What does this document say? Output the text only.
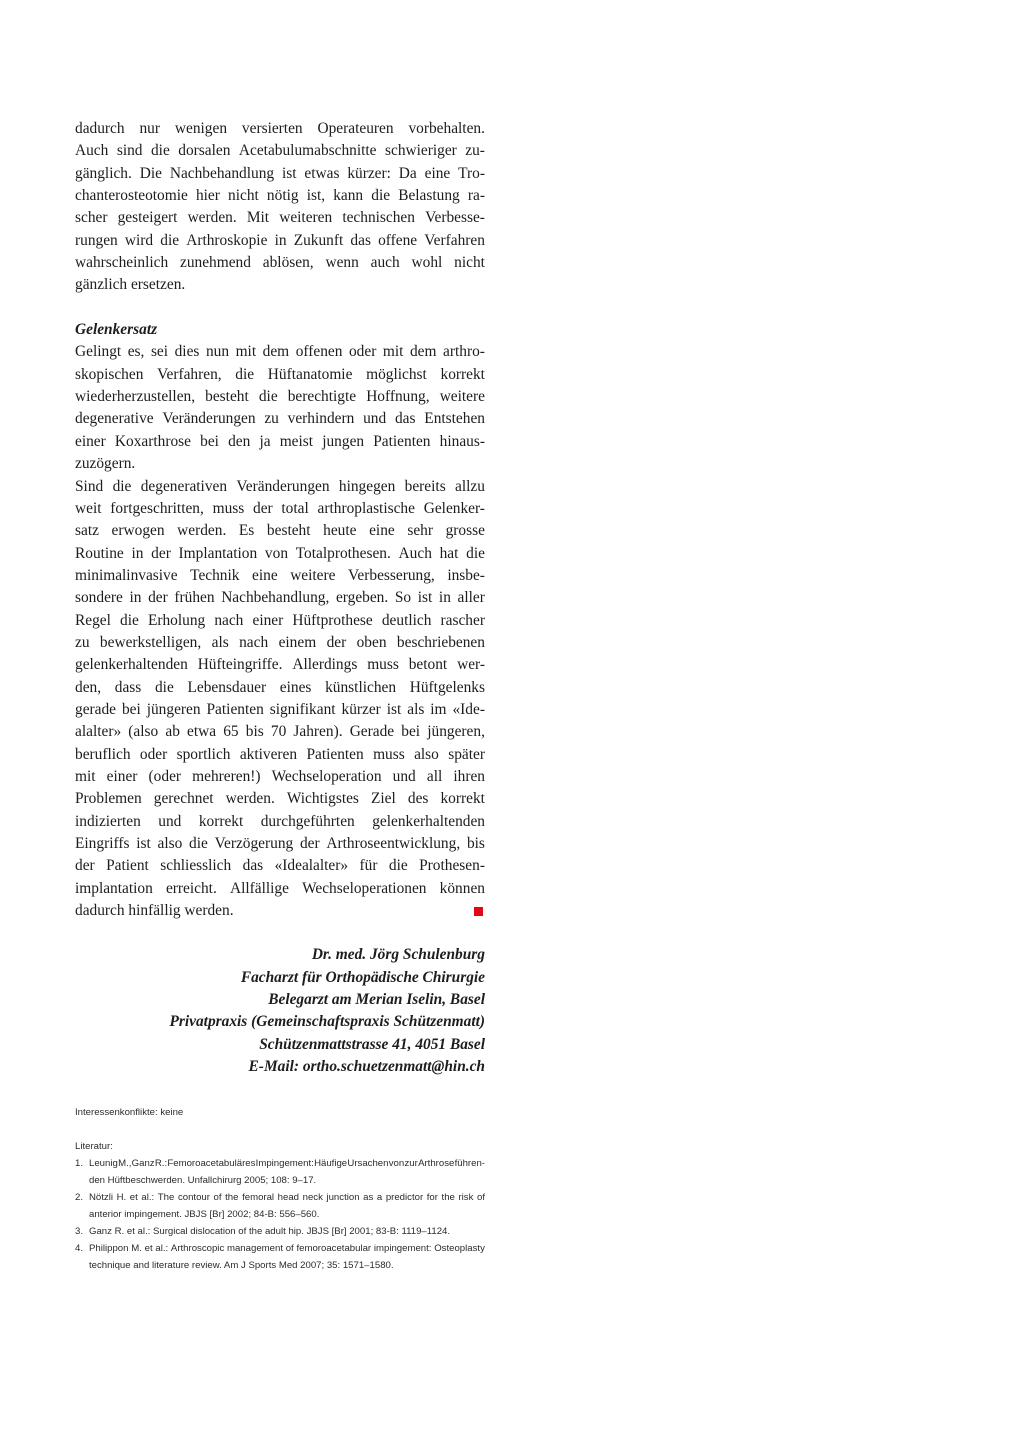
dadurch nur wenigen versierten Operateuren vorbehalten.
Auch sind die dorsalen Acetabulumabschnitte schwieriger zu-
gänglich. Die Nachbehandlung ist etwas kürzer: Da eine Tro-
chanterosteotomie hier nicht nötig ist, kann die Belastung ra-
scher gesteigert werden. Mit weiteren technischen Verbesse-
rungen wird die Arthroskopie in Zukunft das offene Verfahren
wahrscheinlich zunehmend ablösen, wenn auch wohl nicht
gänzlich ersetzen.
Gelenkersatz
Gelingt es, sei dies nun mit dem offenen oder mit dem arthro-
skopischen Verfahren, die Hüftanatomie möglichst korrekt
wiederherzustellen, besteht die berechtigte Hoffnung, weitere
degenerative Veränderungen zu verhindern und das Entstehen
einer Koxarthrose bei den ja meist jungen Patienten hinaus-
zuzögern.
Sind die degenerativen Veränderungen hingegen bereits allzu
weit fortgeschritten, muss der total arthroplastische Gelenker-
satz erwogen werden. Es besteht heute eine sehr grosse
Routine in der Implantation von Totalprothesen. Auch hat die
minimalinvasive Technik eine weitere Verbesserung, insbe-
sondere in der frühen Nachbehandlung, ergeben. So ist in aller
Regel die Erholung nach einer Hüftprothese deutlich rascher
zu bewerkstelligen, als nach einem der oben beschriebenen
gelenkerhaltenden Hüfteingriffe. Allerdings muss betont wer-
den, dass die Lebensdauer eines künstlichen Hüftgelenks
gerade bei jüngeren Patienten signifikant kürzer ist als im «Ide-
alalter» (also ab etwa 65 bis 70 Jahren). Gerade bei jüngeren,
beruflich oder sportlich aktiveren Patienten muss also später
mit einer (oder mehreren!) Wechseloperation und all ihren
Problemen gerechnet werden. Wichtigstes Ziel des korrekt
indizierten und korrekt durchgeführten gelenkerhaltenden
Eingriffs ist also die Verzögerung der Arthroseentwicklung, bis
der Patient schliesslich das «Idealalter» für die Prothesen-
implantation erreicht. Allfällige Wechseloperationen können
dadurch hinfällig werden.
Dr. med. Jörg Schulenburg
Facharzt für Orthopädische Chirurgie
Belegarzt am Merian Iselin, Basel
Privatpraxis (Gemeinschaftspraxis Schützenmatt)
Schützenmattstrasse 41, 4051 Basel
E-Mail: ortho.schuetzenmatt@hin.ch
Interessenkonflikte: keine
Literatur:
1. Leunig M., Ganz R.: Femoroacetabuläres Impingement: Häufige Ursachen von zur Arthrose führen-
den Hüftbeschwerden. Unfallchirurg 2005; 108: 9–17.
2. Nötzli H. et al.: The contour of the femoral head neck junction as a predictor for the risk of
anterior impingement. JBJS [Br] 2002; 84-B: 556–560.
3. Ganz R. et al.: Surgical dislocation of the adult hip. JBJS [Br] 2001; 83-B: 1119–1124.
4. Philippon M. et al.: Arthroscopic management of femoroacetabular impingement: Osteoplasty
technique and literature review. Am J Sports Med 2007; 35: 1571–1580.
